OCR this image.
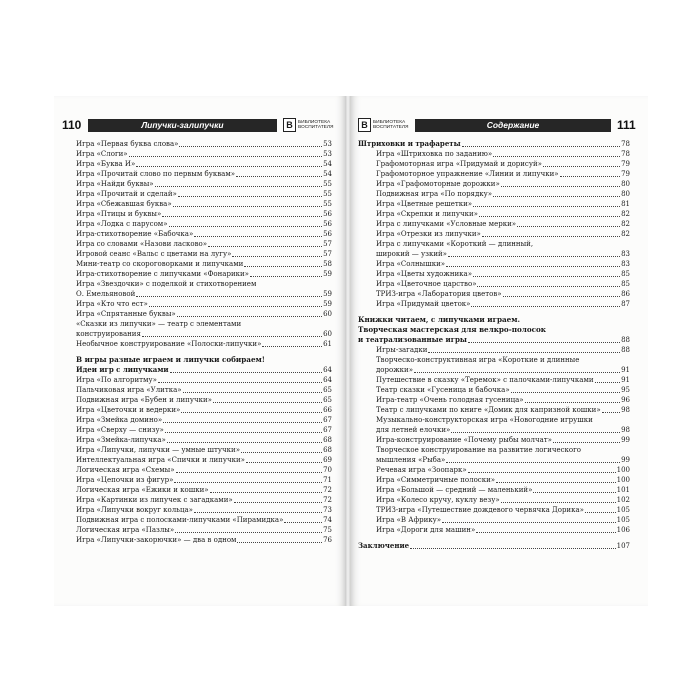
110	Липучки-залипучки	В	БИБЛИОТЕКА ВОСПИТАТЕЛЯ
Игра «Первая буква слова»	53
Игра «Слоги»	53
Игра «Буква И»	54
Игра «Прочитай слово по первым буквам»	54
Игра «Найди буквы»	55
Игра «Прочитай и сделай»	55
Игра «Сбежавшая буква»	55
Игра «Птицы и буквы»	56
Игра «Лодка с парусом»	56
Игра-стихотворение «Бабочка»	56
Игра со словами «Назови ласково»	57
Игровой сеанс «Вальс с цветами на лугу»	57
Мини-театр со скороговорками и липучками	58
Игра-стихотворение с липучками «Фонарики»	59
Игра «Звездочки» с поделкой и стихотворением
О. Емельяновой	59
Игра «Кто что ест»	59
Игра «Спрятанные буквы»	60
«Сказки из липучки» — театр с элементами
конструирования	60
Необычное конструирование «Полоски-липучки»	61
В игры разные играем и липучки собираем!
Идеи игр с липучками	64
Игра «По алгоритму»	64
Пальчиковая игра «Улитка»	65
Подвижная игра «Бубен и липучки»	65
Игра «Цветочки и ведерки»	66
Игра «Змейка домино»	67
Игра «Сверху — снизу»	67
Игра «Змейка-липучка»	68
Игра «Липучки, липучки — умные штучки»	68
Интеллектуальная игра «Спички и липучки»	69
Логическая игра «Схемы»	70
Игра «Цепочки из фигур»	71
Логическая игра «Ежики и кошки»	72
Игра «Картинки из липучек с загадками»	72
Игра «Липучки вокруг кольца»	73
Подвижная игра с полосками-липучками «Пирамидка»	74
Логическая игра «Пазлы»	75
Игра «Липучки-закорючки» — два в одном	76
В	БИБЛИОТЕКА ВОСПИТАТЕЛЯ	Содержание	111
Штриховки и трафареты	78
Игра «Штриховка по заданию»	78
Графомоторная игра «Придумай и дорисуй»	79
Графомоторное упражнение «Линии и липучки»	79
Игра «Графомоторные дорожки»	80
Подвижная игра «По порядку»	80
Игра «Цветные решетки»	81
Игра «Скрепки и липучки»	82
Игра с липучками «Условные мерки»	82
Игра «Отрезки из липучки»	82
Игра с липучками «Короткий — длинный,
широкий — узкий»	83
Игра «Солнышки»	83
Игра «Цветы художника»	85
Игра «Цветочное царство»	85
ТРИЗ-игра «Лаборатория цветов»	86
Игра «Придумай цветок»	87
Книжки читаем, с липучками играем.
Творческая мастерская для велкро-полосок
и театрализованные игры	88
Игры-загадки	88
Творческо-конструктивная игра «Короткие и длинные
дорожки»	91
Путешествие в сказку «Теремок» с палочками-липучками	91
Театр сказки «Гусеница и бабочка»	95
Игра-театр «Очень голодная гусеница»	96
Театр с липучками по книге «Домик для капризной кошки»	98
Музыкально-конструкторская игра «Новогодние игрушки
для летней елочки»	98
Игра-конструирование «Почему рыбы молчат»	99
Творческое конструирование на развитие логического
мышления «Рыба»	99
Речевая игра «Зоопарк»	100
Игра «Симметричные полоски»	100
Игра «Большой — средний — маленький»	101
Игра «Колесо кручу, куклу везу»	102
ТРИЗ-игра «Путешествие дождевого червячка Дорика»	105
Игра «В Африку»	105
Игра «Дороги для машин»	106
Заключение	107
